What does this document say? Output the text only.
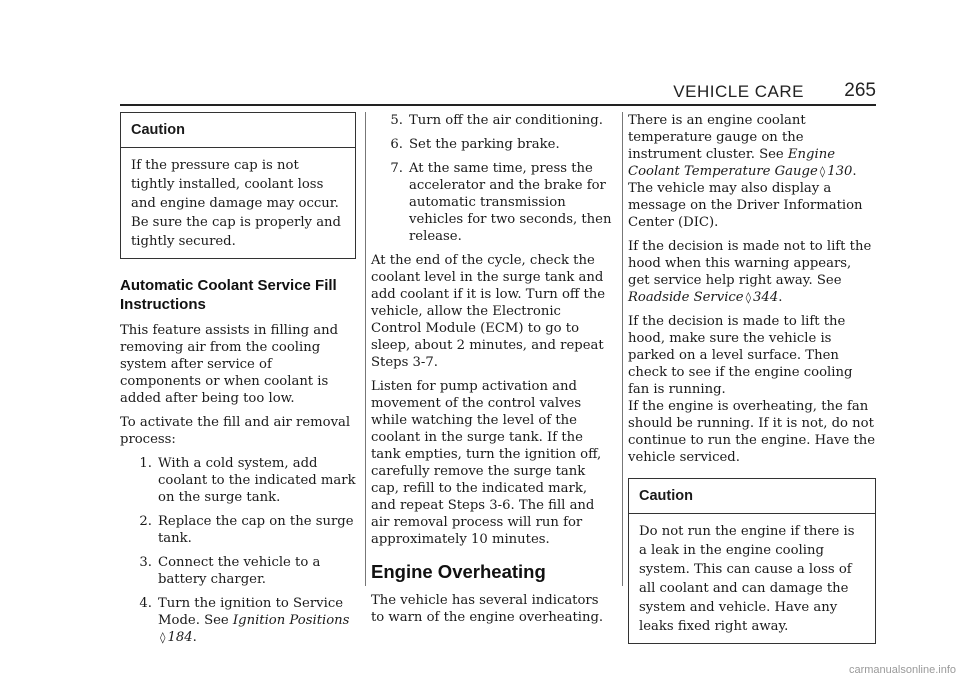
VEHICLE CARE 265
Caution
If the pressure cap is not tightly installed, coolant loss and engine damage may occur. Be sure the cap is properly and tightly secured.
Automatic Coolant Service Fill Instructions

This feature assists in filling and removing air from the cooling system after service of components or when coolant is added after being too low.

To activate the fill and air removal process:

1. With a cold system, add coolant to the indicated mark on the surge tank.
2. Replace the cap on the surge tank.
3. Connect the vehicle to a battery charger.
4. Turn the ignition to Service Mode. See Ignition Positions
◊ 184.
5. Turn off the air conditioning.
6. Set the parking brake.
7. At the same time, press the accelerator and the brake for automatic transmission vehicles for two seconds, then release.

At the end of the cycle, check the coolant level in the surge tank and add coolant if it is low. Turn off the vehicle, allow the Electronic Control Module (ECM) to go to sleep, about 2 minutes, and repeat Steps 3-7.

Listen for pump activation and movement of the control valves while watching the level of the coolant in the surge tank. If the tank empties, turn the ignition off, carefully remove the surge tank cap, refill to the indicated mark, and repeat Steps 3-6. The fill and air removal process will run for approximately 10 minutes.

Engine Overheating

The vehicle has several indicators to warn of the engine overheating.

There is an engine coolant temperature gauge on the instrument cluster. See Engine Coolant Temperature Gauge ◊ 130. The vehicle may also display a message on the Driver Information Center (DIC).

If the decision is made not to lift the hood when this warning appears, get service help right away. See Roadside Service ◊ 344.

If the decision is made to lift the hood, make sure the vehicle is parked on a level surface. Then check to see if the engine cooling fan is running.

If the engine is overheating, the fan should be running. If it is not, do not continue to run the engine. Have the vehicle serviced.

Caution
Do not run the engine if there is a leak in the engine cooling system. This can cause a loss of all coolant and can damage the system and vehicle. Have any leaks fixed right away.
carmanualsonline.info
